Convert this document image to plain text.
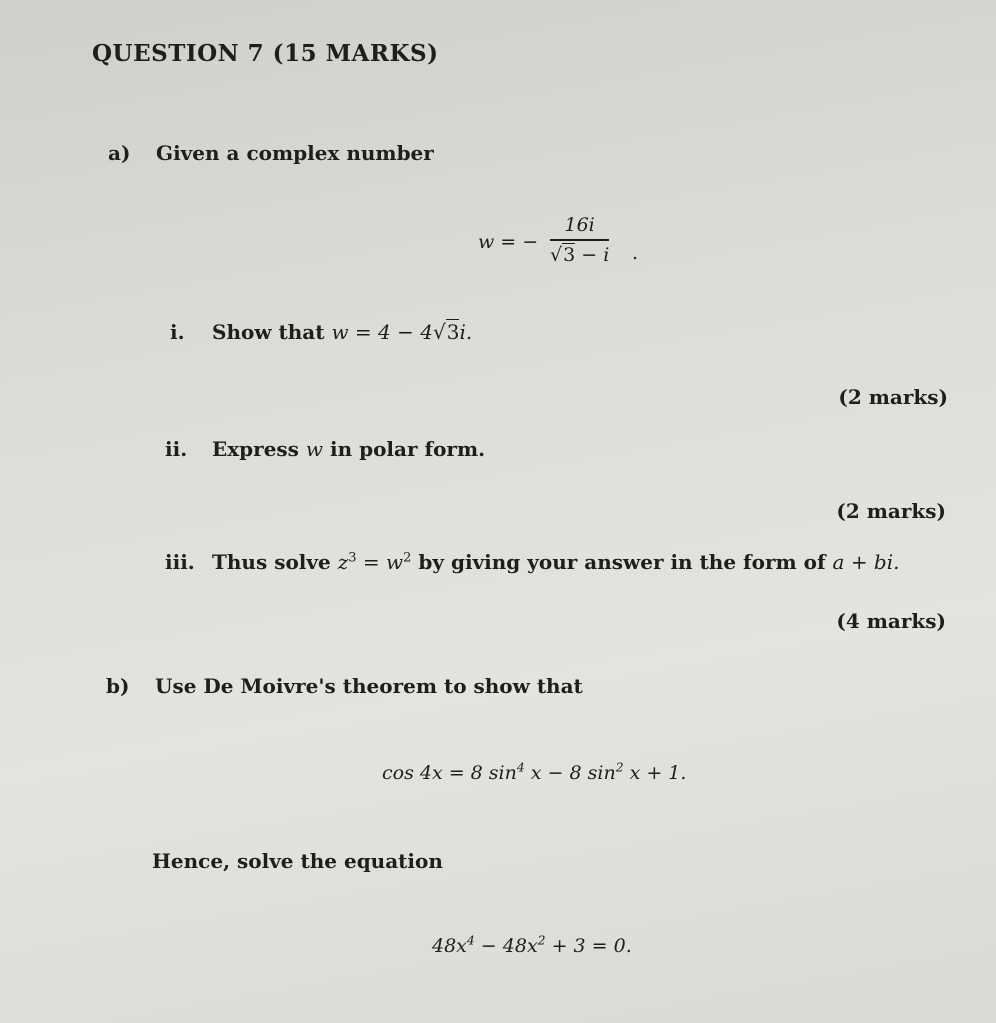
QUESTION 7 (15 MARKS)
a) Given a complex number
w = −
16i
√3 − i .
i. Show that w = 4 − 4√3i.
(2 marks)
ii. Express w in polar form.
(2 marks)
iii. Thus solve $z^3 = w^2$ by giving your answer in the form of a + bi.
(4 marks)
b) Use De Moivre's theorem to show that
cos 4x = 8 $\sin^4 x - 8$ $\sin^2 x + 1$.
Hence, solve the equation
$48x^4 - 48x^2 + 3 = 0$.
